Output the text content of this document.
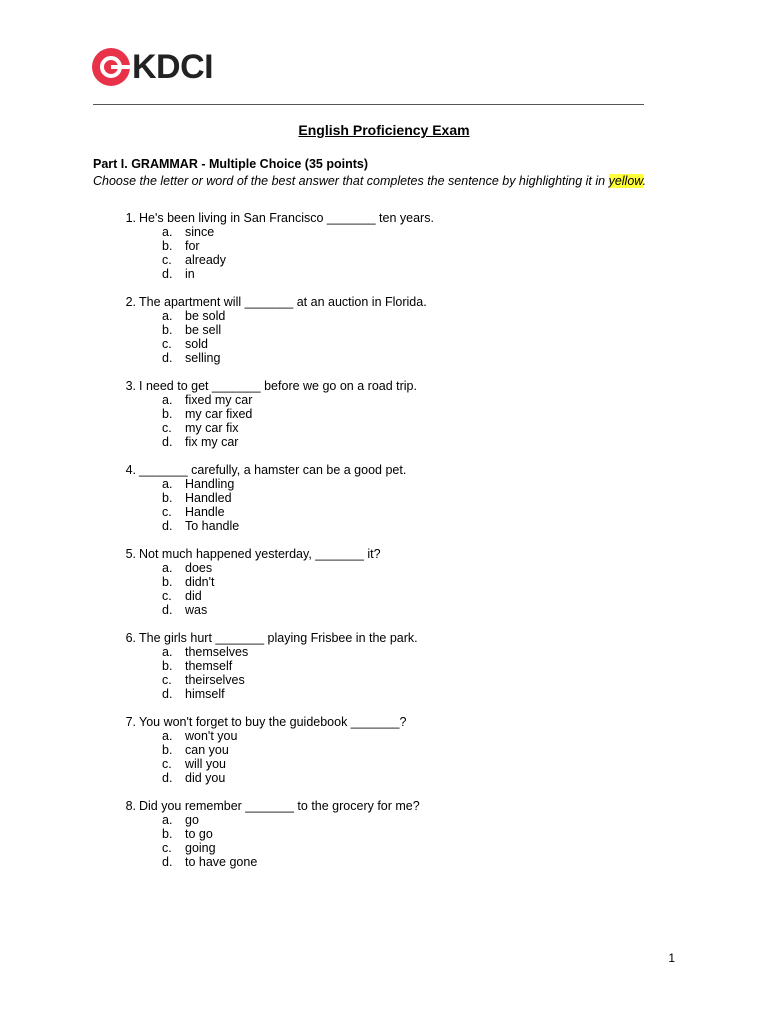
KDCI
English Proficiency Exam
Part I. GRAMMAR - Multiple Choice (35 points)
Choose the letter or word of the best answer that completes the sentence by highlighting it in yellow.
1. He's been living in San Francisco _______ ten years.
a. since
b. for
c. already
d. in
2. The apartment will _______ at an auction in Florida.
a. be sold
b. be sell
c. sold
d. selling
3. I need to get _______ before we go on a road trip.
a. fixed my car
b. my car fixed
c. my car fix
d. fix my car
4. _______ carefully, a hamster can be a good pet.
a. Handling
b. Handled
c. Handle
d. To handle
5. Not much happened yesterday, _______ it?
a. does
b. didn't
c. did
d. was
6. The girls hurt _______ playing Frisbee in the park.
a. themselves
b. themself
c. theirselves
d. himself
7. You won't forget to buy the guidebook _______?
a. won't you
b. can you
c. will you
d. did you
8. Did you remember _______ to the grocery for me?
a. go
b. to go
c. going
d. to have gone
1
